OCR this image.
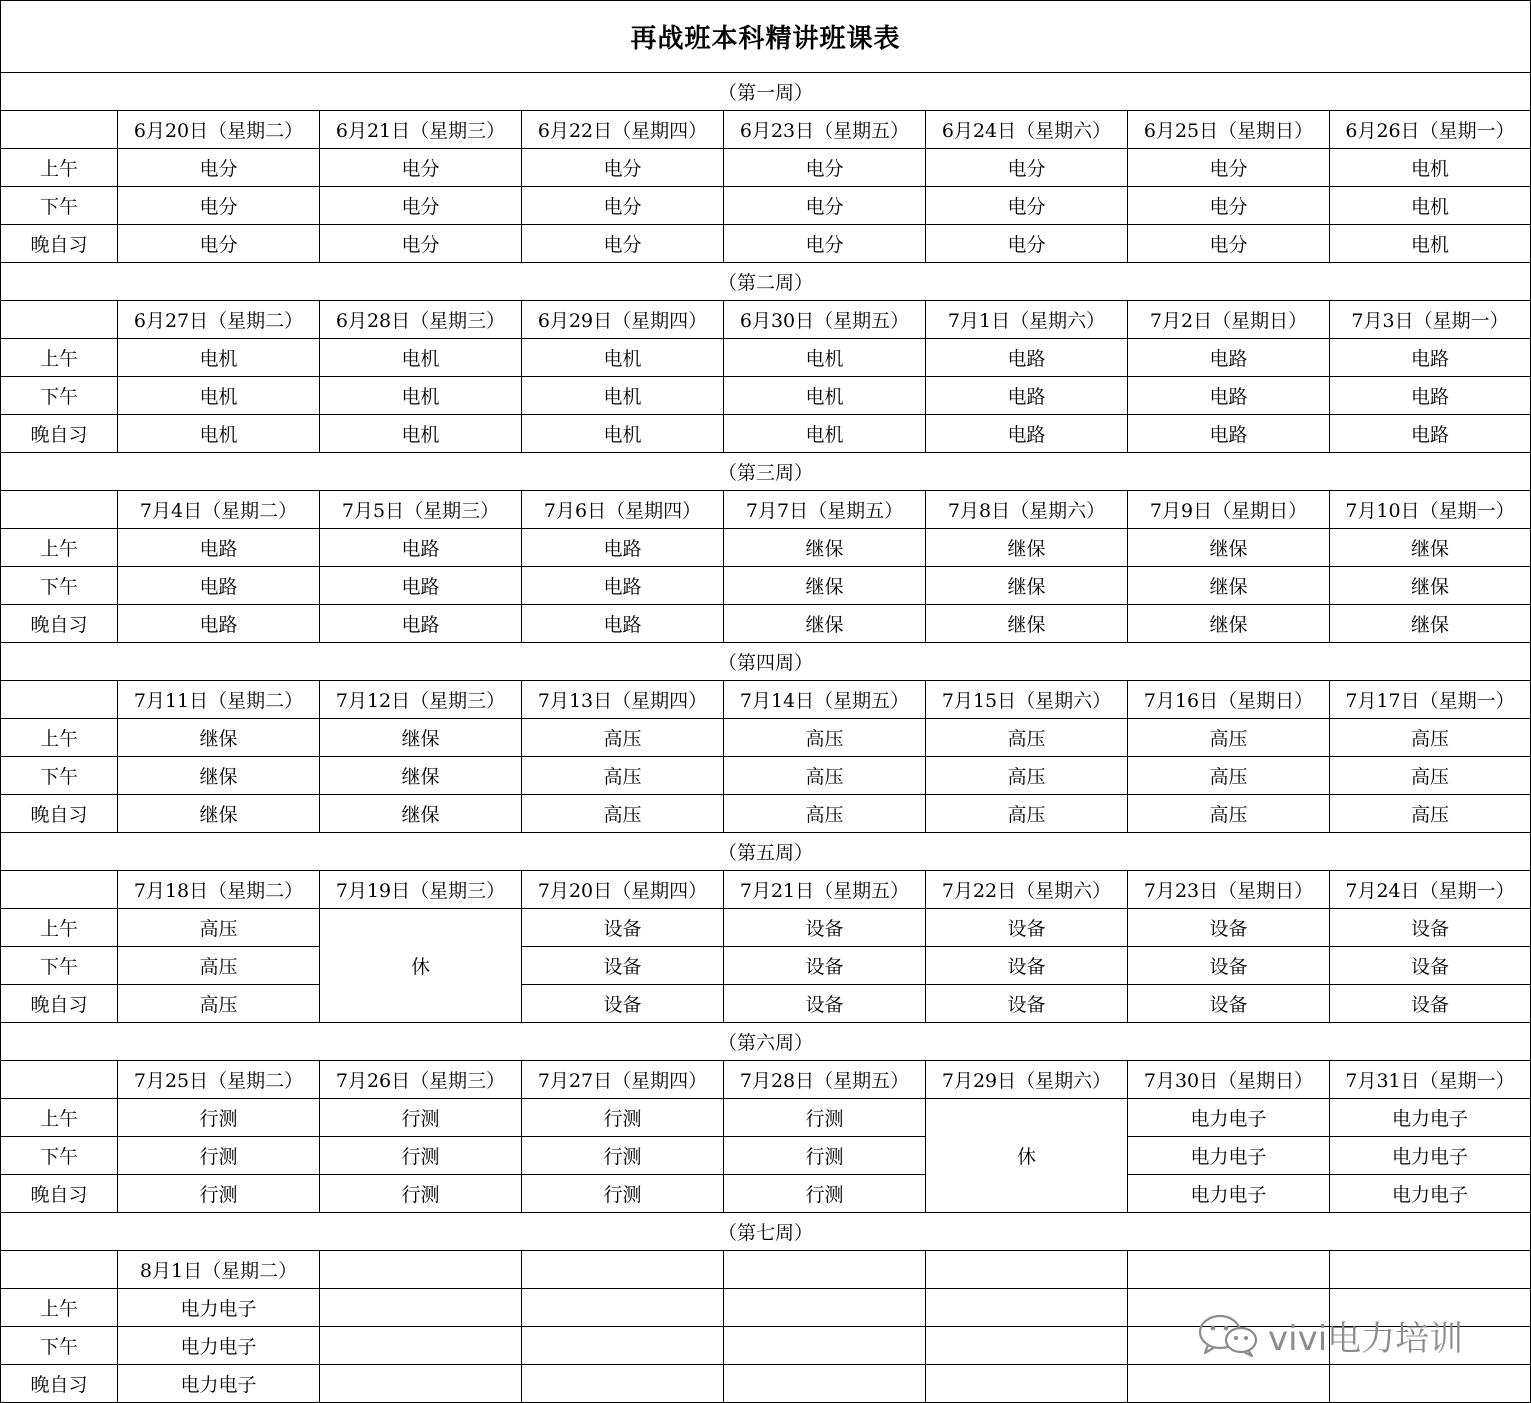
再战班本科精讲班课表							
（第一周）							
	6月20日（星期二）	6月21日（星期三）	6月22日（星期四）	6月23日（星期五）	6月24日（星期六）	6月25日（星期日）	6月26日（星期一）
上午	电分	电分	电分	电分	电分	电分	电机
下午	电分	电分	电分	电分	电分	电分	电机
晚自习	电分	电分	电分	电分	电分	电分	电机
（第二周）							
	6月27日（星期二）	6月28日（星期三）	6月29日（星期四）	6月30日（星期五）	7月1日（星期六）	7月2日（星期日）	7月3日（星期一）
上午	电机	电机	电机	电机	电路	电路	电路
下午	电机	电机	电机	电机	电路	电路	电路
晚自习	电机	电机	电机	电机	电路	电路	电路
（第三周）							
	7月4日（星期二）	7月5日（星期三）	7月6日（星期四）	7月7日（星期五）	7月8日（星期六）	7月9日（星期日）	7月10日（星期一）
上午	电路	电路	电路	继保	继保	继保	继保
下午	电路	电路	电路	继保	继保	继保	继保
晚自习	电路	电路	电路	继保	继保	继保	继保
（第四周）							
	7月11日（星期二）	7月12日（星期三）	7月13日（星期四）	7月14日（星期五）	7月15日（星期六）	7月16日（星期日）	7月17日（星期一）
上午	继保	继保	高压	高压	高压	高压	高压
下午	继保	继保	高压	高压	高压	高压	高压
晚自习	继保	继保	高压	高压	高压	高压	高压
（第五周）							
	7月18日（星期二）	7月19日（星期三）	7月20日（星期四）	7月21日（星期五）	7月22日（星期六）	7月23日（星期日）	7月24日（星期一）
上午	高压	休	设备	设备	设备	设备	设备
下午	高压		设备	设备	设备	设备	设备
晚自习	高压		设备	设备	设备	设备	设备
（第六周）							
	7月25日（星期二）	7月26日（星期三）	7月27日（星期四）	7月28日（星期五）	7月29日（星期六）	7月30日（星期日）	7月31日（星期一）
上午	行测	行测	行测	行测	休	电力电子	电力电子
下午	行测	行测	行测	行测		电力电子	电力电子
晚自习	行测	行测	行测	行测		电力电子	电力电子
（第七周）							
	8月1日（星期二）						
上午	电力电子						
下午	电力电子						
晚自习	电力电子						
vivi电力培训
